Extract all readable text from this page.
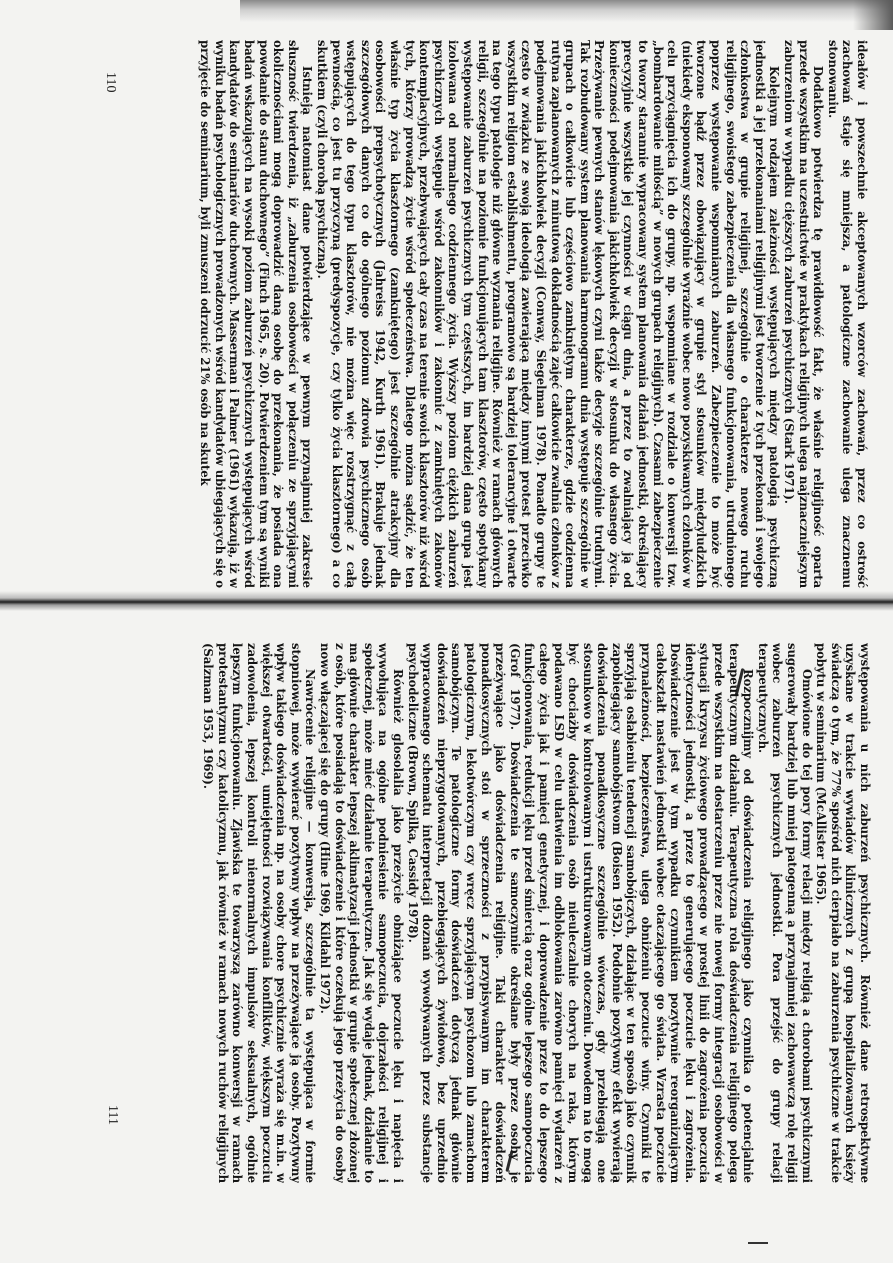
ideałów i powszechnie akceptowanych wzorców zachowań, przez co ostrość zachowań staje się mniejsza, a patologiczne zachowanie ulega znacznemu stonowaniu.

Dodatkowo potwierdza tę prawidłowość fakt, że właśnie religijność oparta przede wszystkim na uczestnictwie w praktykach religijnych ulega najznaczniejszym zaburzeniom w wypadku cięższych zaburzeń psychicznych (Stark 1971).

Kolejnym rodzajem zależności występujących między patologią psychiczną jednostki a jej przekonaniami religijnymi jest tworzenie z tych przekonań i swojego członkostwa w grupie religijnej, szczególnie o charakterze nowego ruchu religijnego, swoistego zabezpieczenia dla własnego funkcjonowania, utrudnionego poprzez występowanie wspomnianych zaburzeń. Zabezpieczenie to może być tworzone bądź przez obowiązujący w grupie styl stosunków międzyludzkich (niekiedy eksponowany szczególnie wyraźnie wobec nowo pozyskiwanych członków w celu przyciągnięcia ich do grupy, np. wspomniane w rozdziale o konwersji tzw. „bombardowanie miłością” w nowych grupach religijnych). Czasami zabezpieczenie to tworzy starannie wypracowany system planowania działań jednostki, określający precyzyjnie wszystkie jej czynności w ciągu dnia, a przez to zwalniający ją od konieczności podejmowania jakichkolwiek decyzji w stosunku do własnego życia. Przeżywanie pewnych stanów lękowych czyni także decyzje szczególnie trudnymi. Tak rozbudowany system planowania harmonogramu dnia występuje szczególnie w grupach o całkowicie lub częściowo zamkniętym charakterze, gdzie codzienna rutyna zaplanowanych z minutową dokładnością zajęć całkowicie zwalnia członków z podejmowania jakichkolwiek decyzji (Conway, Siegelman 1978). Ponadto grupy te często w związku ze swoją ideologią zawierającą między innymi protest przeciwko wszystkim religiom establishmentu, programowo są bardziej tolerancyjne i otwarte na tego typu patologie niż główne wyznania religijne. Również w ramach głównych religii, szczególnie na poziomie funkcjonujących tam klasztorów, często spotykany występowanie zaburzeń psychicznych tym częstszych, im bardziej dana grupa jest izolowana od normalnego codziennego życia. Wyższy poziom ciężkich zaburzeń psychicznych występuje wśród zakonników i zakonnic z zamkniętych zakonów kontemplacyjnych, przebywających cały czas na terenie swoich klasztorów niż wśród tych, którzy prowadzą życie wśród społeczeństwa. Dlatego można sądzić, że ten właśnie typ życia klasztornego (zamkniętego) jest szczególnie atrakcyjny dla osobowości prepsychotycznych (Jahreiss 1942, Kurth 1961). Brakuje jednak szczegółowych danych co do ogólnego poziomu zdrowia psychicznego osób wstępujących do tego typu klasztorów, nie można więc rozstrzygnąć z całą pewnością, co jest tu przyczyną (predyspozycje, czy tylko życia klasztornego) a co skutkiem (czyli chorobą psychiczną).

Istnieją natomiast dane potwierdzające w pewnym przynajmniej zakresie słuszność twierdzenia, iż „zaburzenia osobowości w połączeniu ze sprzyjającymi okolicznościami mogą doprowadzić daną osobę do przekonania, że posiada ona powołanie do stanu duchownego” (Finch 1965, s. 20). Potwierdzeniem tym są wyniki badań wskazujących na wysoki poziom zaburzeń psychicznych występujących wśród kandydatów do seminariów duchownych. Masserman i Palmer (1961) wykazują, iż w wyniku badań psychologicznych prowadzonych wśród kandydatów ubiegających się o przyjęcie do seminarium, byli zmuszeni odrzucić 21% osób na skutek

110

występowania u nich zaburzeń psychicznych. Również dane retrospektywne uzyskane w trakcie wywiadów klinicznych z grupą hospitalizowanych księży świadczą o tym, że 77% spośród nich cierpiało na zaburzenia psychiczne w trakcie pobytu w seminarium (McAllister 1965).

Omówione do tej pory formy relacji między religią a chorobami psychicznymi sugerowały bardziej lub mniej patogenną a przynajmniej zachowawczą rolę religii wobec zaburzeń psychicznych jednostki. Pora przejść do grupy relacji terapeutycznych.

Rozpocznijmy od doświadczenia religijnego jako czynnika o potencjalnie terapeutycznym działaniu. Terapeutyczna rola doświadczenia religijnego polega przede wszystkim na dostarczeniu przez nie nowej formy integracji osobowości w sytuacji kryzysu życiowego prowadzącego w prostej linii do zagrożenia poczucia identyczności jednostki, a przez to generującego poczucie lęku i zagrożenia. Doświadczenie jest w tym wypadku czynnikiem pozytywnie reorganizującym całokształt nastawień jednostki wobec otaczającego go świata. Wzrasta poczucie przynależności, bezpieczeństwa, ulega obniżeniu poczucie winy. Czynniki te sprzyjają osłabieniu tendencji samobójczych, działając w ten sposób jako czynnik zapobiegający samobójstwom (Boisen 1952). Podobnie pozytywny efekt wywierają doświadczenia ponadkosyczne szczególnie wówczas, gdy przebiegają one stosunkowo w kontrolowanym i ustrukturowanym otoczeniu. Dowodem na to mogą być chociażby doświadczenia osób nieuleczalnie chorych na raka, którym podawano LSD w celu ułatwienia im odblokowania zarówno pamięci wydarzeń z całego życia jak i pamięci genetycznej, i doprowadzenie przez to do lepszego funkcjonowania, redukcji lęku przed śmiercią oraz ogólne lepszego samopoczucia (Grof 1977). Doświadczenia te samoczynnie określane były przez osoby je przeżywające jako doświadczenia religijne. Taki charakter doświadczeń ponadkosycznych stoi w sprzeczności z przypisywanym im charakterem patologicznym, lekotwórczym czy wręcz sprzyjającym psychozom lub zamachom samobójczym. Te patologiczne formy doświadczeń dotyczą jednak głównie doświadczeń nieprzygotowanych, przebiegających żywiołowo, bez uprzednio wypracowanego schematu interpretacji doznań wywoływanych przez substancje psychodeliczne (Brown, Spilka, Cassidy 1978).

Również glosolalia jako przeżycie obniżające poczucie lęku i napięcia i wywołująca na ogólne podniesienie samopoczucia, dojrzałości religijnej i społecznej, może mieć działanie terapeutyczne. Jak się wydaje jednak, działanie to ma głównie charakter lepszej aklimatyzacji jednostki w grupie społecznej złożonej z osób, które posiadają to doświadczenie i które oczekują jego przeżycia do osoby nowo włączającej się do grupy (Hine 1969, Kildahl 1972).

Nawrócenie religijne — konwersja, szczególnie ta występująca w formie stopniowej, może wywierać pozytywny wpływ na przeżywające ją osoby. Pozytywny wpływ takiego doświadczenia np. na osoby chore psychicznie wyraża się m.in. w większej otwartości, umiejętności rozwiązywania konfliktów, większym poczuciu zadowolenia, lepszej kontroli nienormalnych impulsów seksualnych, ogólnie lepszym funkcjonowaniu. Zjawiska te towarzyszą zarówno konwersji w ramach protestantyzmu czy katolicyzmu, jak również w ramach nowych ruchów religijnych (Salzman 1953, 1969).

111
